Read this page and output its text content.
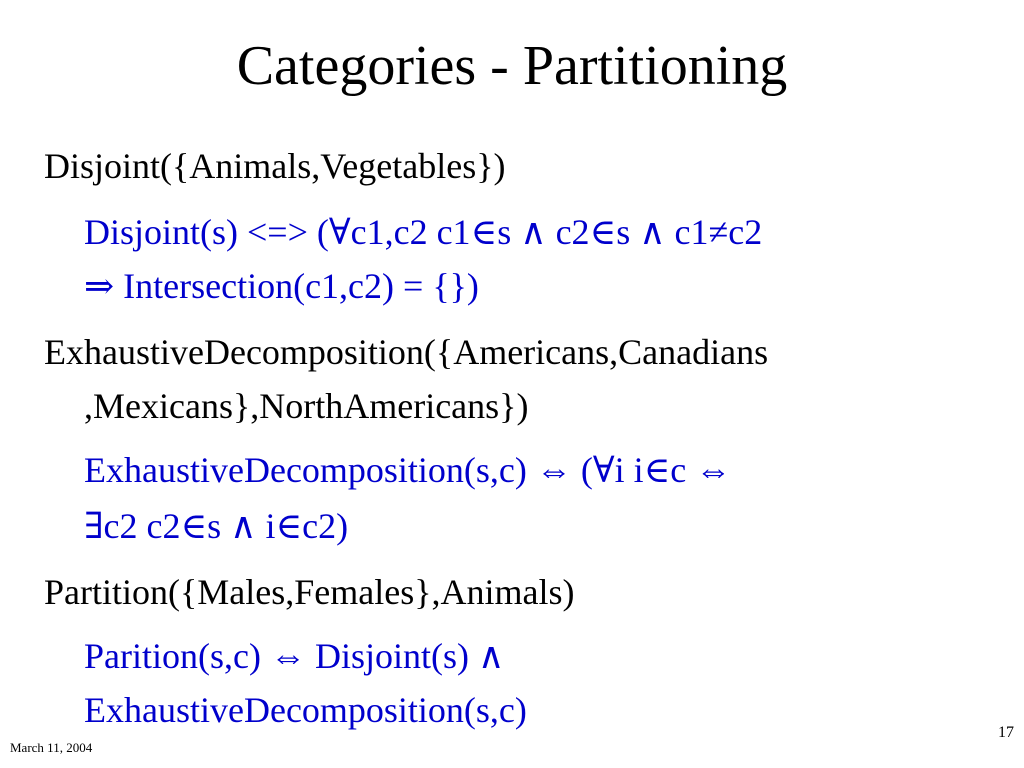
Categories - Partitioning
Disjoint({Animals,Vegetables})
Disjoint(s) <=> (∀c1,c2 c1∈s ∧ c2∈s ∧ c1≠c2
⇒ Intersection(c1,c2) = {})
ExhaustiveDecomposition({Americans,Canadians
,Mexicans},NorthAmericans})
ExhaustiveDecomposition(s,c) ⇔ (∀i i∈c ⇔
∃c2 c2∈s ∧ i∈c2)
Partition({Males,Females},Animals)
Parition(s,c) ⇔ Disjoint(s) ∧
ExhaustiveDecomposition(s,c)
March 11, 2004
17
